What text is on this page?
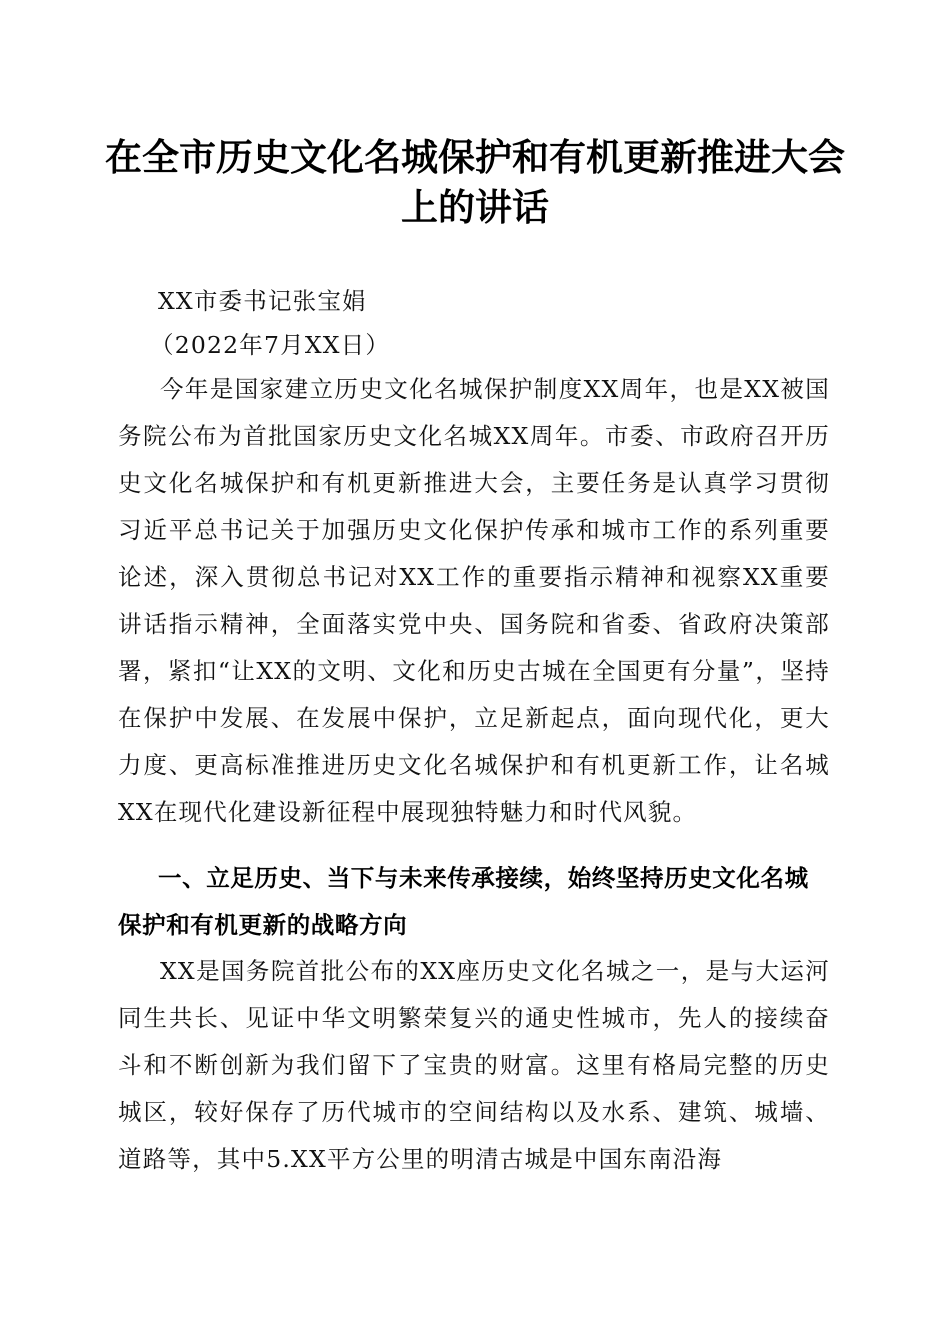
在全市历史文化名城保护和有机更新推进大会上的讲话

XX市委书记张宝娟

（2022年7月XX日）

今年是国家建立历史文化名城保护制度XX周年，也是XX被国务院公布为首批国家历史文化名城XX周年。市委、市政府召开历史文化名城保护和有机更新推进大会，主要任务是认真学习贯彻习近平总书记关于加强历史文化保护传承和城市工作的系列重要论述，深入贯彻总书记对XX工作的重要指示精神和视察XX重要讲话指示精神，全面落实党中央、国务院和省委、省政府决策部署，紧扣“让XX的文明、文化和历史古城在全国更有分量”，坚持在保护中发展、在发展中保护，立足新起点，面向现代化，更大力度、更高标准推进历史文化名城保护和有机更新工作，让名城XX在现代化建设新征程中展现独特魅力和时代风貌。

一、立足历史、当下与未来传承接续，始终坚持历史文化名城保护和有机更新的战略方向

XX是国务院首批公布的XX座历史文化名城之一，是与大运河同生共长、见证中华文明繁荣复兴的通史性城市，先人的接续奋斗和不断创新为我们留下了宝贵的财富。这里有格局完整的历史城区，较好保存了历代城市的空间结构以及水系、建筑、城墙、道路等，其中5.XX平方公里的明清古城是中国东南沿海
